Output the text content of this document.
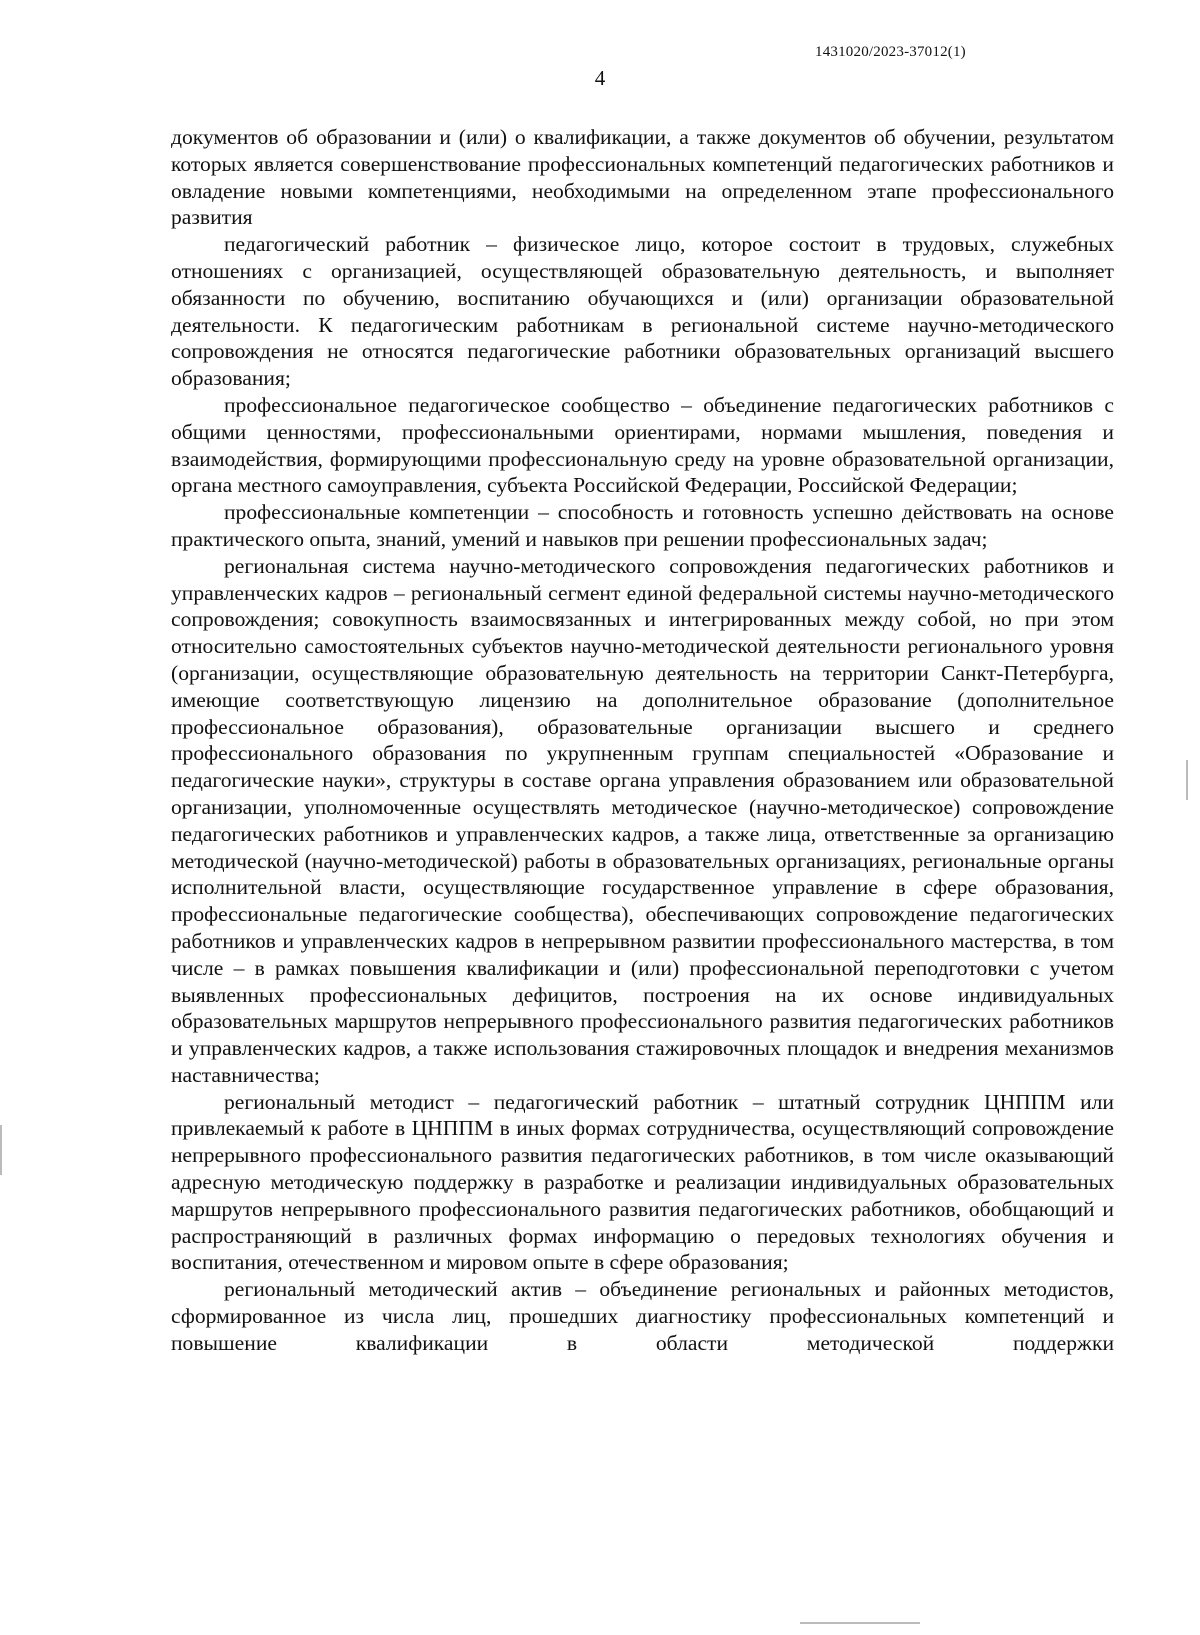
1431020/2023-37012(1)
4

документов об образовании и (или) о квалификации, а также документов об обучении, результатом которых является совершенствование профессиональных компетенций педагогических работников и овладение новыми компетенциями, необходимыми на определенном этапе профессионального развития

педагогический работник – физическое лицо, которое состоит в трудовых, служебных отношениях с организацией, осуществляющей образовательную деятельность, и выполняет обязанности по обучению, воспитанию обучающихся и (или) организации образовательной деятельности. К педагогическим работникам в региональной системе научно-методического сопровождения не относятся педагогические работники образовательных организаций высшего образования;

профессиональное педагогическое сообщество – объединение педагогических работников с общими ценностями, профессиональными ориентирами, нормами мышления, поведения и взаимодействия, формирующими профессиональную среду на уровне образовательной организации, органа местного самоуправления, субъекта Российской Федерации, Российской Федерации;

профессиональные компетенции – способность и готовность успешно действовать на основе практического опыта, знаний, умений и навыков при решении профессиональных задач;

региональная система научно-методического сопровождения педагогических работников и управленческих кадров – региональный сегмент единой федеральной системы научно-методического сопровождения; совокупность взаимосвязанных и интегрированных между собой, но при этом относительно самостоятельных субъектов научно-методической деятельности регионального уровня (организации, осуществляющие образовательную деятельность на территории Санкт-Петербурга, имеющие соответствующую лицензию на дополнительное образование (дополнительное профессиональное образования), образовательные организации высшего и среднего профессионального образования по укрупненным группам специальностей «Образование и педагогические науки», структуры в составе органа управления образованием или образовательной организации, уполномоченные осуществлять методическое (научно-методическое) сопровождение педагогических работников и управленческих кадров, а также лица, ответственные за организацию методической (научно-методической) работы в образовательных организациях, региональные органы исполнительной власти, осуществляющие государственное управление в сфере образования, профессиональные педагогические сообщества), обеспечивающих сопровождение педагогических работников и управленческих кадров в непрерывном развитии профессионального мастерства, в том числе – в рамках повышения квалификации и (или) профессиональной переподготовки с учетом выявленных профессиональных дефицитов, построения на их основе индивидуальных образовательных маршрутов непрерывного профессионального развития педагогических работников и управленческих кадров, а также использования стажировочных площадок и внедрения механизмов наставничества;

региональный методист – педагогический работник – штатный сотрудник ЦНППМ или привлекаемый к работе в ЦНППМ в иных формах сотрудничества, осуществляющий сопровождение непрерывного профессионального развития педагогических работников, в том числе оказывающий адресную методическую поддержку в разработке и реализации индивидуальных образовательных маршрутов непрерывного профессионального развития педагогических работников, обобщающий и распространяющий в различных формах информацию о передовых технологиях обучения и воспитания, отечественном и мировом опыте в сфере образования;

региональный методический актив – объединение региональных и районных методистов, сформированное из числа лиц, прошедших диагностику профессиональных компетенций и повышение квалификации в области методической поддержки
